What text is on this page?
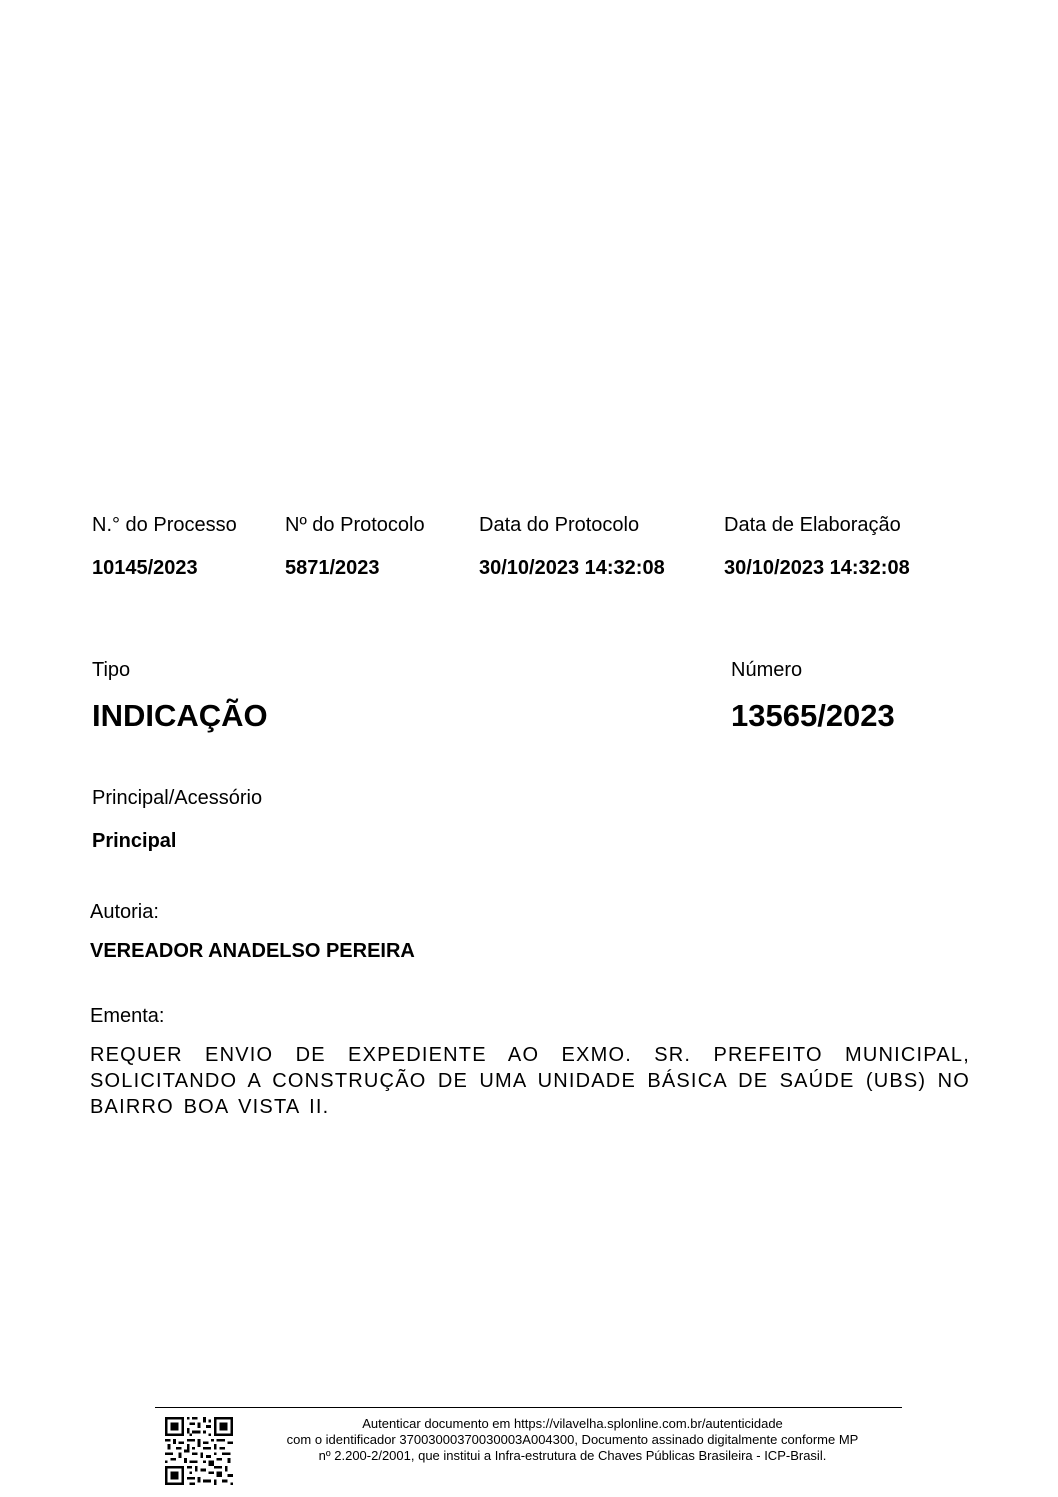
N.° do Processo
10145/2023
Nº do Protocolo
5871/2023
Data do Protocolo
30/10/2023 14:32:08
Data de Elaboração
30/10/2023 14:32:08
Tipo
INDICAÇÃO
Número
13565/2023
Principal/Acessório
Principal
Autoria:
VEREADOR ANADELSO PEREIRA
Ementa:
REQUER ENVIO DE EXPEDIENTE AO EXMO. SR. PREFEITO MUNICIPAL, SOLICITANDO A CONSTRUÇÃO DE UMA UNIDADE BÁSICA DE SAÚDE (UBS) NO BAIRRO BOA VISTA II.
Autenticar documento em https://vilavelha.splonline.com.br/autenticidade
com o identificador 37003000370030003A004300, Documento assinado digitalmente conforme MP
nº 2.200-2/2001, que institui a Infra-estrutura de Chaves Públicas Brasileira - ICP-Brasil.
